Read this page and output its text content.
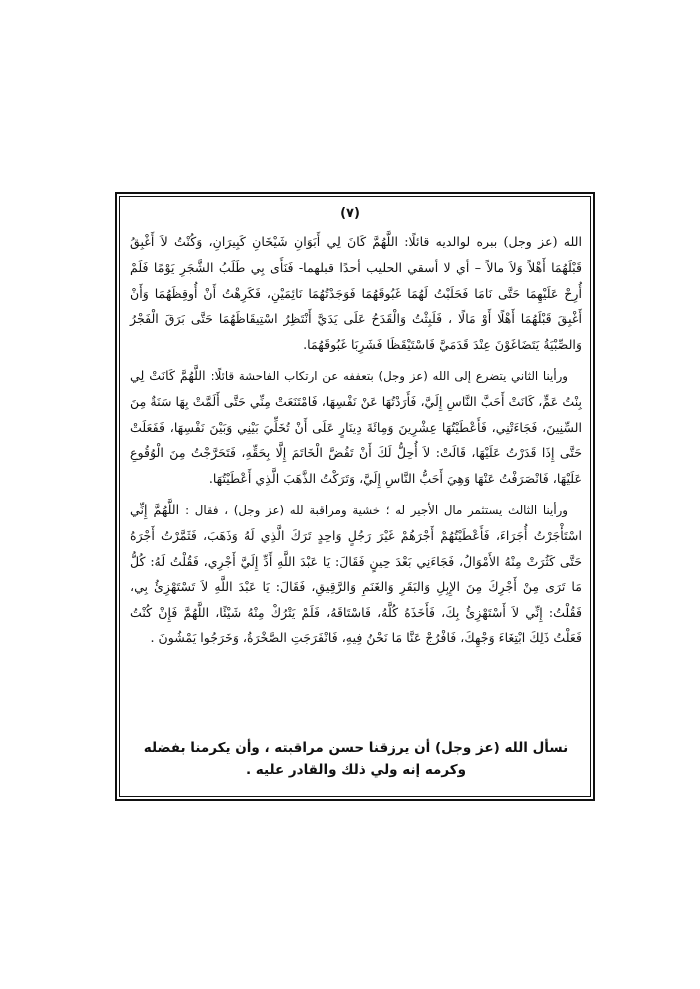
(٧)

الله (عز وجل) ببره لوالديه قائلًا: اللَّهُمَّ كَانَ لِي أَبَوَانِ شَيْخَانِ كَبِيرَانِ، وَكُنْتُ لاَ أَغْبِقُ قَبْلَهُمَا أَهْلاً وَلاَ مالاً – أي لا أسقي الحليب أحدًا قبلهما- فَنَأَى بِي طَلَبُ الشَّجَرِ يَوْمًا فَلَمْ أُرِحْ عَلَيْهِمَا حَتَّى نَامَا فَحَلَبْتُ لَهُمَا غَبُوقَهُمَا فَوَجَدْتُهُمَا نَائِمَيْنِ، فَكَرِهْتُ أَنْ أُوقِظَهُمَا وَأَنْ أَغْبِقَ قَبْلَهُمَا أَهْلًا أَوْ مَالًا ، فَلَبِثْتُ وَالْقَدَحُ عَلَى يَدَيَّ أَنْتَظِرُ اسْتِيقَاظَهُمَا حَتَّى بَرَقَ الْفَجْرُ وَالصِّبْيَةُ يَتَضَاغَوْنَ عِنْدَ قَدَمَيَّ فَاسْتَيْقَظَا فَشَرِبَا غَبُوقَهُمَا.

ورأينا الثاني يتضرع إلى الله (عز وجل) بتعففه عن ارتكاب الفاحشة قائلًا: اللَّهُمَّ كَانَتْ لِي بِنْتُ عَمٍّ، كَانَتْ أَحَبَّ النَّاسِ إِلَيَّ، فَأَرَدْتُهَا عَنْ نَفْسِهَا، فَامْتَنَعَتْ مِنِّي حَتَّى أَلَمَّتْ بِهَا سَنَةٌ مِنَ السِّنِينَ، فَجَاءَتْنِي، فَأَعْطَيْتُهَا عِشْرِينَ وَمِائَةَ دِينَارٍ عَلَى أَنْ تُخَلِّيَ بَيْنِي وَبَيْنَ نَفْسِهَا، فَفَعَلَتْ حَتَّى إِذَا قَدَرْتُ عَلَيْهَا، قَالَتْ: لاَ أُحِلُّ لَكَ أَنْ تَفُضَّ الْخَاتَمَ إِلَّا بِحَقِّهِ، فَتَحَرَّجْتُ مِنَ الْوُقُوعِ عَلَيْهَا، فَانْصَرَفْتُ عَنْهَا وَهِيَ أَحَبُّ النَّاسِ إِلَيَّ، وَتَرَكْتُ الذَّهَبَ الَّذِي أَعْطَيْتُهَا.

ورأينا الثالث يستثمر مال الأجير له ؛ خشية ومراقبة لله (عز وجل) ، فقال : اللَّهُمَّ إِنِّي اسْتَأْجَرْتُ أُجَرَاءَ، فَأَعْطَيْتُهُمْ أَجْرَهُمْ غَيْرَ رَجُلٍ وَاحِدٍ تَرَكَ الَّذِي لَهُ وَذَهَبَ، فَثَمَّرْتُ أَجْرَهُ حَتَّى كَثُرَتْ مِنْهُ الأَمْوَالُ، فَجَاءَنِي بَعْدَ حِينٍ فَقَالَ: يَا عَبْدَ اللَّهِ أَدِّ إِلَيَّ أَجْرِي، فَقُلْتُ لَهُ: كُلُّ مَا تَرَى مِنْ أَجْرِكَ مِنَ الإِبِلِ وَالبَقَرِ وَالغَنَمِ وَالرَّقِيقِ، فَقَالَ: يَا عَبْدَ اللَّهِ لاَ تَسْتَهْزِئُ بِي، فَقُلْتُ: إِنِّي لاَ أَسْتَهْزِئُ بِكَ، فَأَخَذَهُ كُلَّهُ، فَاسْتَاقَهُ، فَلَمْ يَتْرُكْ مِنْهُ شَيْئًا، اللَّهُمَّ فَإِنْ كُنْتُ فَعَلْتُ ذَلِكَ ابْتِغَاءَ وَجْهِكَ، فَافْرُجْ عَنَّا مَا نَحْنُ فِيهِ، فَانْفَرَجَتِ الصَّخْرَةُ، وَخَرَجُوا يَمْشُونَ .

نسأل الله (عز وجل) أن يرزقنا حسن مراقبته ، وأن يكرمنا بفضله وكرمه إنه ولي ذلك والقادر عليه .
